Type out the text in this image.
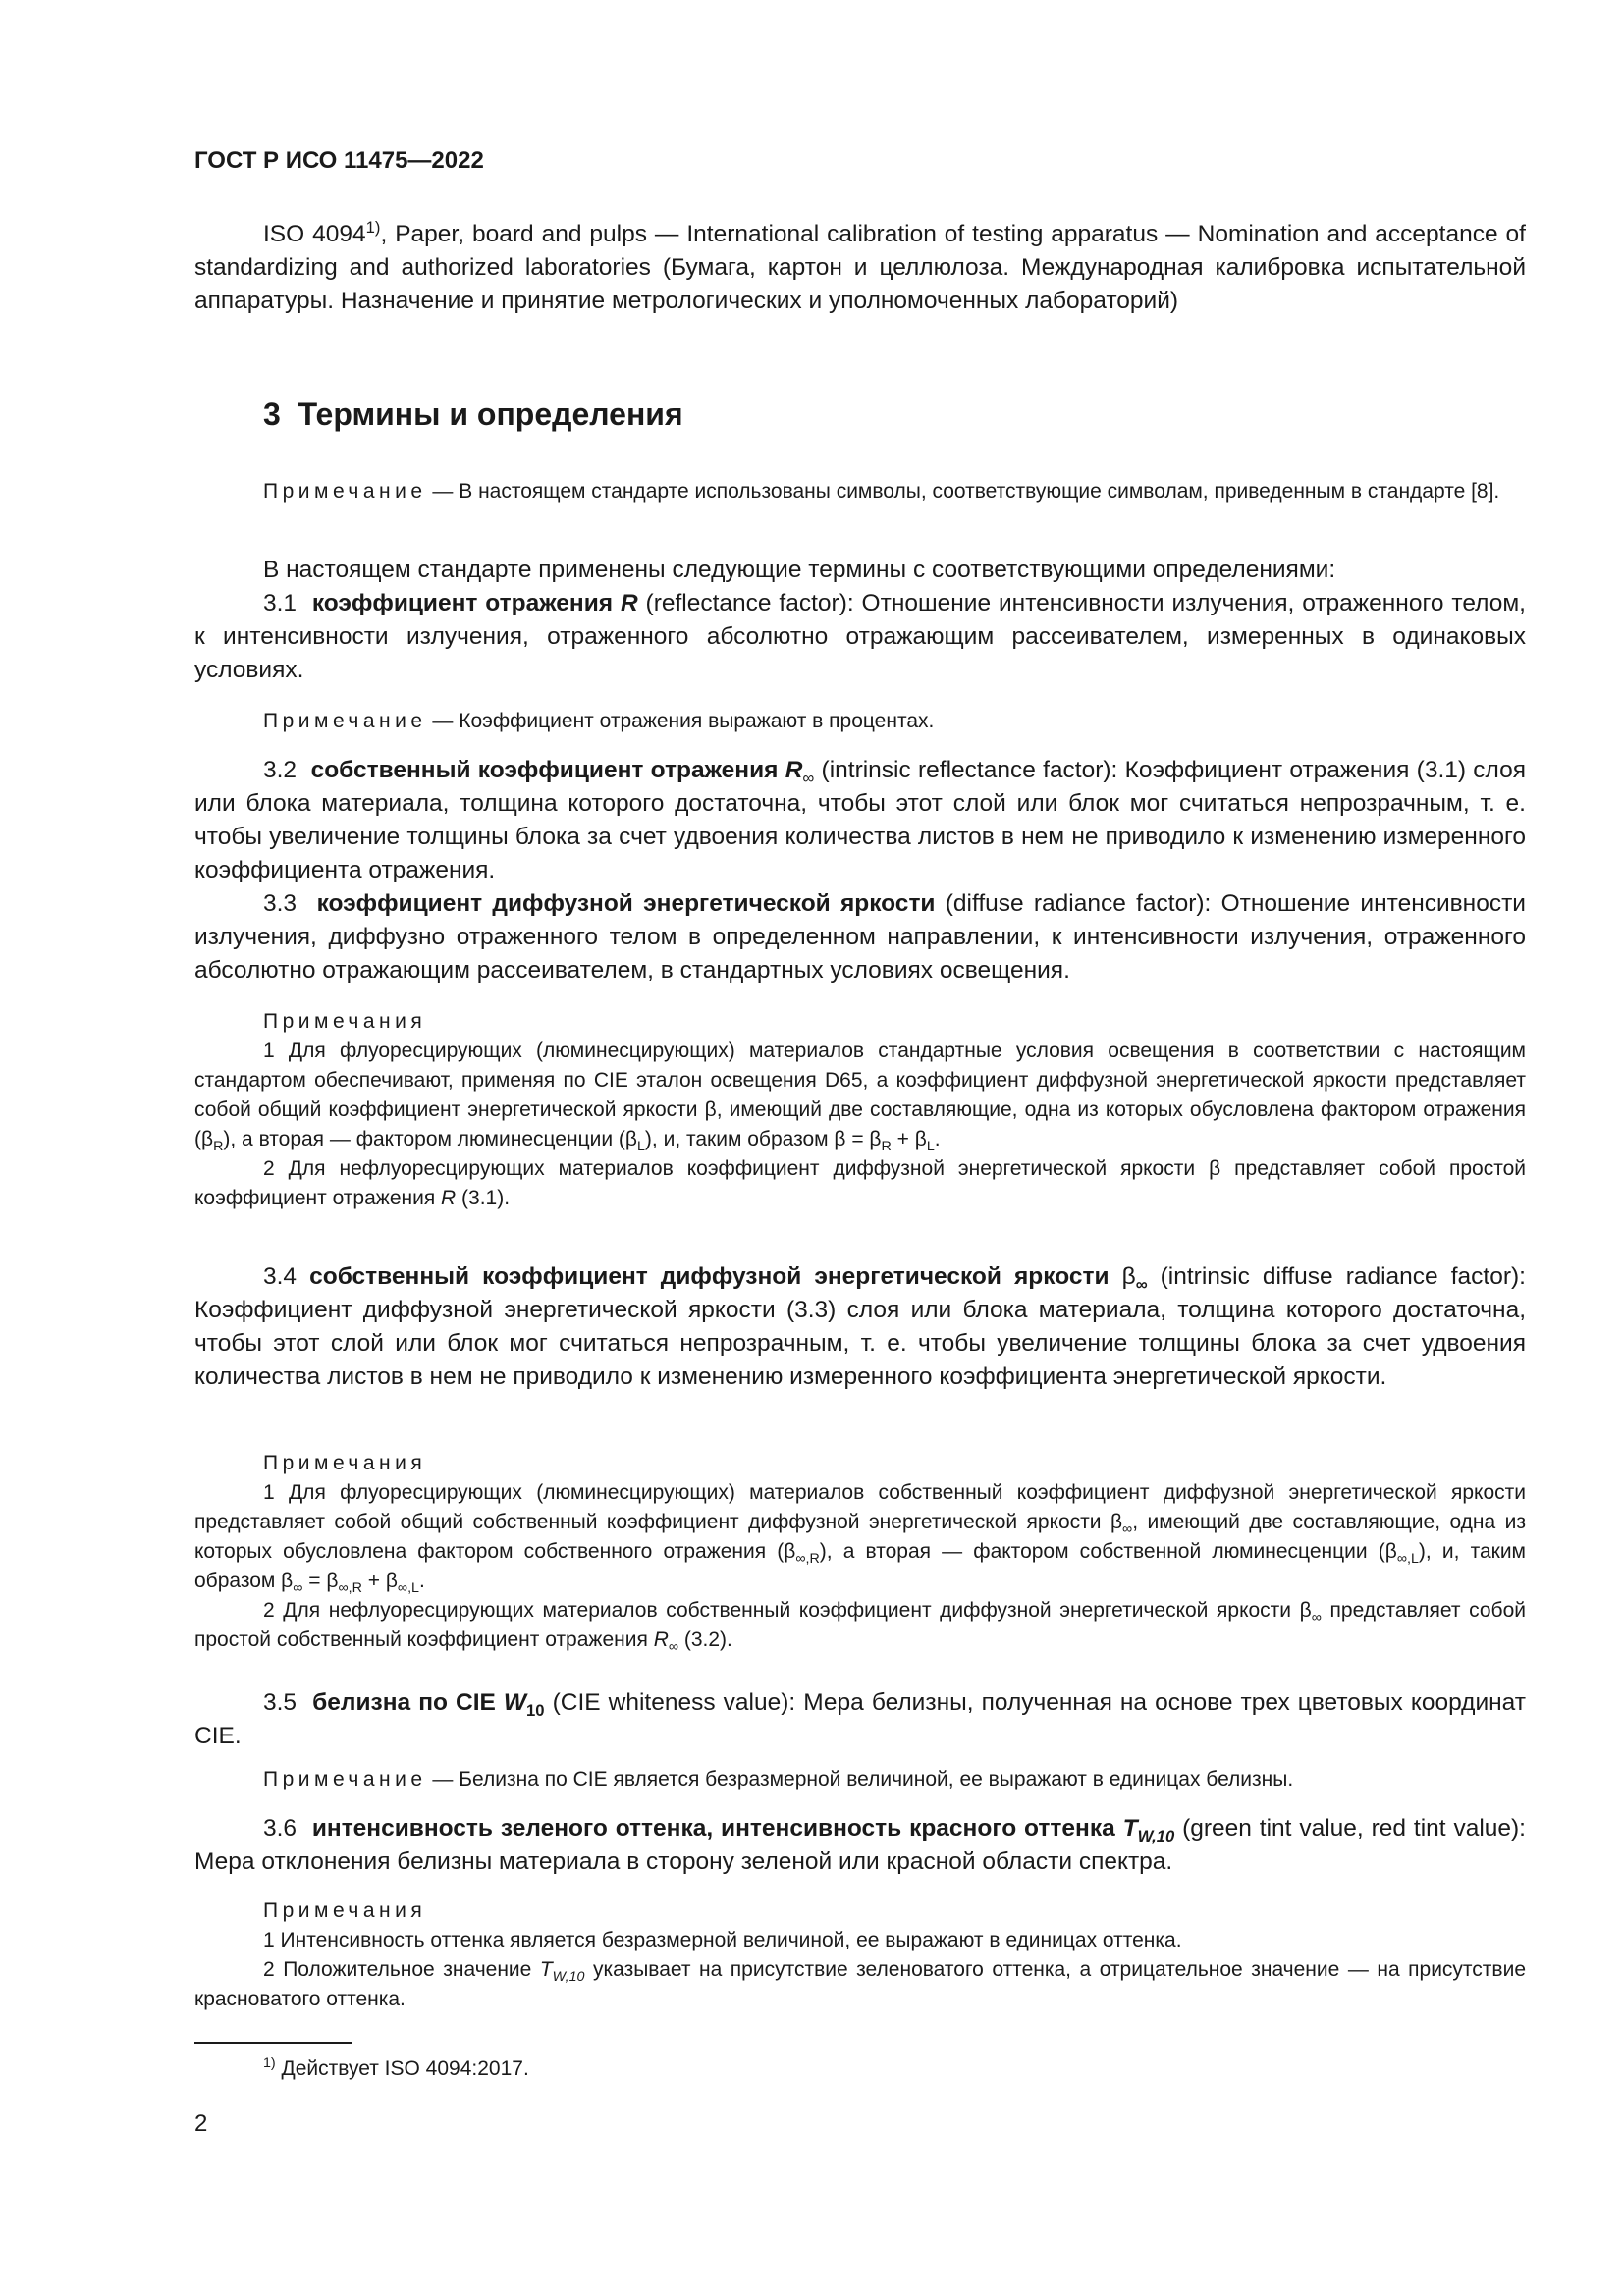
ГОСТ Р ИСО 11475—2022

ISO 4094$^{1)}$, Paper, board and pulps — International calibration of testing apparatus — Nomination and acceptance of standardizing and authorized laboratories (Бумага, картон и целлюлоза. Международная калибровка испытательной аппаратуры. Назначение и принятие метрологических и уполномоченных лабораторий)

3 Термины и определения

Примечание — В настоящем стандарте использованы символы, соответствующие символам, приведенным в стандарте [8].

В настоящем стандарте применены следующие термины с соответствующими определениями:

3.1 коэффициент отражения R (reflectance factor): Отношение интенсивности излучения, отраженного телом, к интенсивности излучения, отраженного абсолютно отражающим рассеивателем, измеренных в одинаковых условиях.

Примечание — Коэффициент отражения выражают в процентах.

3.2 собственный коэффициент отражения $R_\infty$ (intrinsic reflectance factor): Коэффициент отражения (3.1) слоя или блока материала, толщина которого достаточна, чтобы этот слой или блок мог считаться непрозрачным, т. е. чтобы увеличение толщины блока за счет удвоения количества листов в нем не приводило к изменению измеренного коэффициента отражения.

3.3 коэффициент диффузной энергетической яркости (diffuse radiance factor): Отношение интенсивности излучения, диффузно отраженного телом в определенном направлении, к интенсивности излучения, отраженного абсолютно отражающим рассеивателем, в стандартных условиях освещения.

Примечания

1 Для флуоресцирующих (люминесцирующих) материалов стандартные условия освещения в соответствии с настоящим стандартом обеспечивают, применяя по CIE эталон освещения D65, а коэффициент диффузной энергетической яркости представляет собой общий коэффициент энергетической яркости β, имеющий две составляющие, одна из которых обусловлена фактором отражения $(\beta_R)$, а вторая — фактором люминесценции $(\beta_L)$, и, таким образом $\beta = \beta_R + \beta_L$.

2 Для нефлуоресцирующих материалов коэффициент диффузной энергетической яркости β представляет собой простой коэффициент отражения R (3.1).

3.4 собственный коэффициент диффузной энергетической яркости $\beta_\infty$ (intrinsic diffuse radiance factor): Коэффициент диффузной энергетической яркости (3.3) слоя или блока материала, толщина которого достаточна, чтобы этот слой или блок мог считаться непрозрачным, т. е. чтобы увеличение толщины блока за счет удвоения количества листов в нем не приводило к изменению измеренного коэффициента энергетической яркости.

Примечания

1 Для флуоресцирующих (люминесцирующих) материалов собственный коэффициент диффузной энергетической яркости представляет собой общий собственный коэффициент диффузной энергетической яркости $\beta_\infty$, имеющий две составляющие, одна из которых обусловлена фактором собственного отражения $(\beta_{\infty,R})$, а вторая — фактором собственной люминесценции $(\beta_{\infty,L})$, и, таким образом $\beta_\infty = \beta_{\infty,R} + \beta_{\infty,L}$.

2 Для нефлуоресцирующих материалов собственный коэффициент диффузной энергетической яркости $\beta_\infty$ представляет собой простой собственный коэффициент отражения $R_\infty$ (3.2).

3.5 белизна по CIE $W_{10}$ (CIE whiteness value): Мера белизны, полученная на основе трех цветовых координат CIE.

Примечание — Белизна по CIE является безразмерной величиной, ее выражают в единицах белизны.

3.6 интенсивность зеленого оттенка, интенсивность красного оттенка $T_{W,10}$ (green tint value, red tint value): Мера отклонения белизны материала в сторону зеленой или красной области спектра.

Примечания

1 Интенсивность оттенка является безразмерной величиной, ее выражают в единицах оттенка.

2 Положительное значение $T_{W,10}$ указывает на присутствие зеленоватого оттенка, а отрицательное значение — на присутствие красноватого оттенка.

$^{1)}$ Действует ISO 4094:2017.
2
